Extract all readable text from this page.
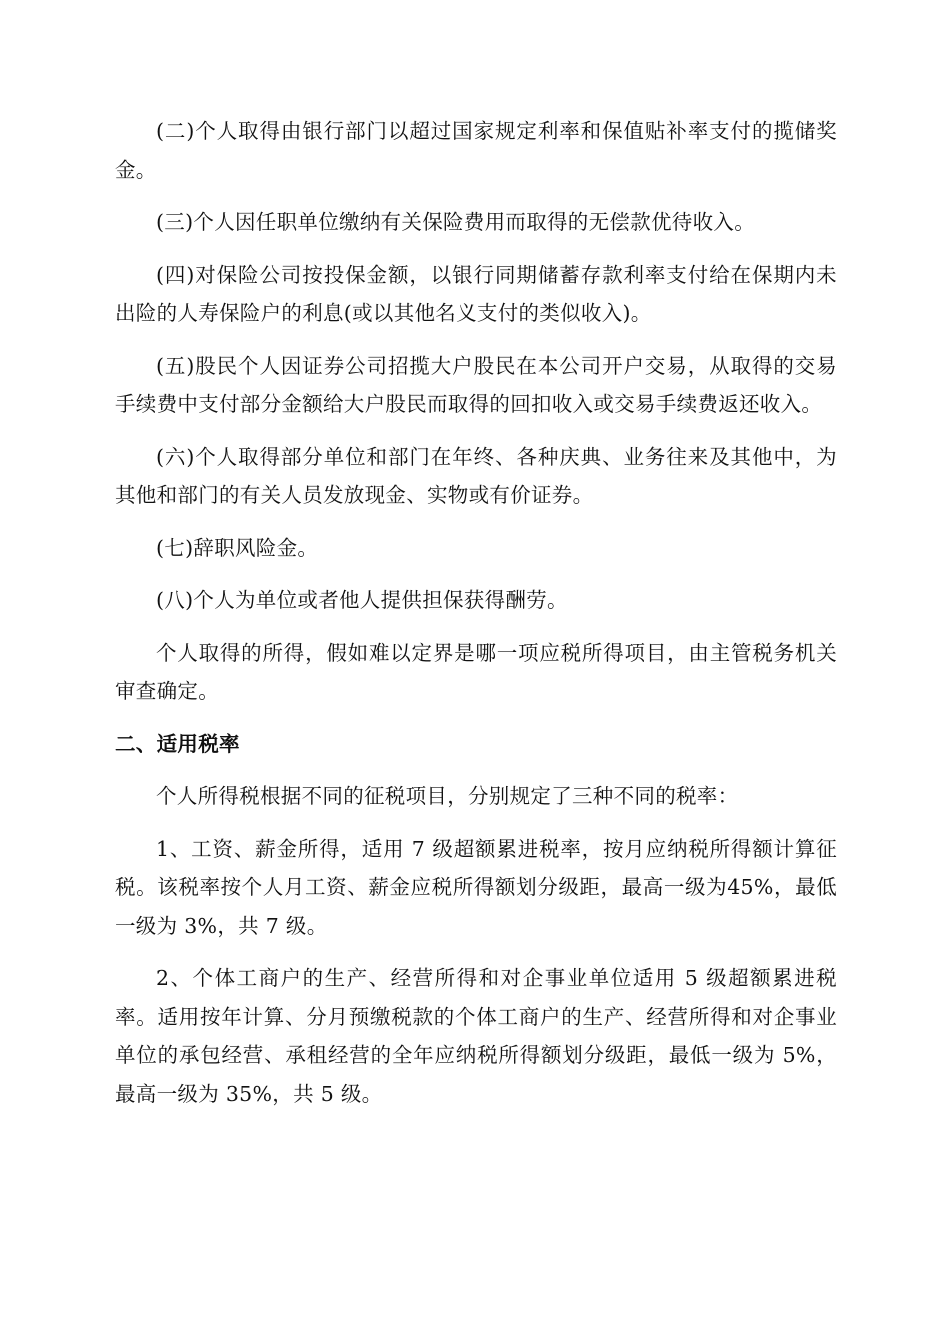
(二)个人取得由银行部门以超过国家规定利率和保值贴补率支付的揽储奖金。

(三)个人因任职单位缴纳有关保险费用而取得的无偿款优待收入。

(四)对保险公司按投保金额，以银行同期储蓄存款利率支付给在保期内未出险的人寿保险户的利息(或以其他名义支付的类似收入)。

(五)股民个人因证券公司招揽大户股民在本公司开户交易，从取得的交易手续费中支付部分金额给大户股民而取得的回扣收入或交易手续费返还收入。

(六)个人取得部分单位和部门在年终、各种庆典、业务往来及其他中，为其他和部门的有关人员发放现金、实物或有价证券。

(七)辞职风险金。

(八)个人为单位或者他人提供担保获得酬劳。

个人取得的所得，假如难以定界是哪一项应税所得项目，由主管税务机关审查确定。

二、适用税率

个人所得税根据不同的征税项目，分别规定了三种不同的税率：

1、工资、薪金所得，适用 7 级超额累进税率，按月应纳税所得额计算征税。该税率按个人月工资、薪金应税所得额划分级距，最高一级为45%，最低一级为 3%，共 7 级。

2、个体工商户的生产、经营所得和对企事业单位适用 5 级超额累进税率。适用按年计算、分月预缴税款的个体工商户的生产、经营所得和对企事业单位的承包经营、承租经营的全年应纳税所得额划分级距，最低一级为 5%，最高一级为 35%，共 5 级。
